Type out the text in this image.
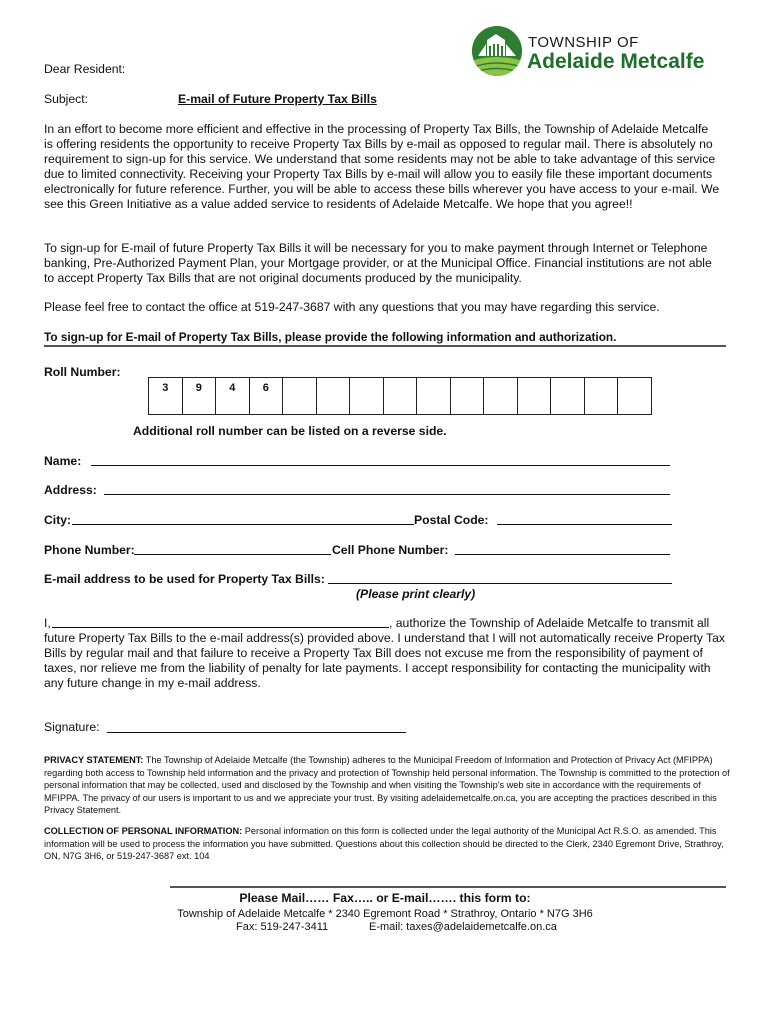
TOWNSHIP OF
Adelaide Metcalfe

Dear Resident:

Subject:	E-mail of Future Property Tax Bills

In an effort to become more efficient and effective in the processing of Property Tax Bills, the Township of Adelaide Metcalfe is offering residents the opportunity to receive Property Tax Bills by e-mail as opposed to regular mail. There is absolutely no requirement to sign-up for this service. We understand that some residents may not be able to take advantage of this service due to limited connectivity. Receiving your Property Tax Bills by e-mail will allow you to easily file these important documents electronically for future reference. Further, you will be able to access these bills wherever you have access to your e-mail. We see this Green Initiative as a value added service to residents of Adelaide Metcalfe. We hope that you agree!!

To sign-up for E-mail of future Property Tax Bills it will be necessary for you to make payment through Internet or Telephone banking, Pre-Authorized Payment Plan, your Mortgage provider, or at the Municipal Office. Financial institutions are not able to accept Property Tax Bills that are not original documents produced by the municipality.

Please feel free to contact the office at 519-247-3687 with any questions that you may have regarding this service.

To sign-up for E-mail of Property Tax Bills, please provide the following information and authorization.

Roll Number:

3	9	4	6											

Additional roll number can be listed on a reverse side.

Name:

Address:

City:	Postal Code:

Phone Number:	Cell Phone Number:

E-mail address to be used for Property Tax Bills:

(Please print clearly)

I,	, authorize the Township of Adelaide Metcalfe to transmit all

future Property Tax Bills to the e-mail address(s) provided above. I understand that I will not automatically receive Property Tax Bills by regular mail and that failure to receive a Property Tax Bill does not excuse me from the responsibility of payment of taxes, nor relieve me from the liability of penalty for late payments. I accept responsibility for contacting the municipality with any future change in my e-mail address.

Signature:

PRIVACY STATEMENT: The Township of Adelaide Metcalfe (the Township) adheres to the Municipal Freedom of Information and Protection of Privacy Act (MFIPPA) regarding both access to Township held information and the privacy and protection of Township held personal information. The Township is committed to the protection of personal information that may be collected, used and disclosed by the Township and when visiting the Township's web site in accordance with the requirements of MFIPPA. The privacy of our users is important to us and we appreciate your trust. By visiting adelaidemetcalfe.on.ca, you are accepting the practices described in this Privacy Statement.

COLLECTION OF PERSONAL INFORMATION: Personal information on this form is collected under the legal authority of the Municipal Act R.S.O. as amended. This information will be used to process the information you have submitted. Questions about this collection should be directed to the Clerk, 2340 Egremont Drive, Strathroy, ON, N7G 3H6, or 519-247-3687 ext. 104

Please Mail…… Fax….. or E-mail……. this form to:

Township of Adelaide Metcalfe * 2340 Egremont Road * Strathroy, Ontario * N7G 3H6

Fax: 519-247-3411	E-mail: taxes@adelaidemetcalfe.on.ca
